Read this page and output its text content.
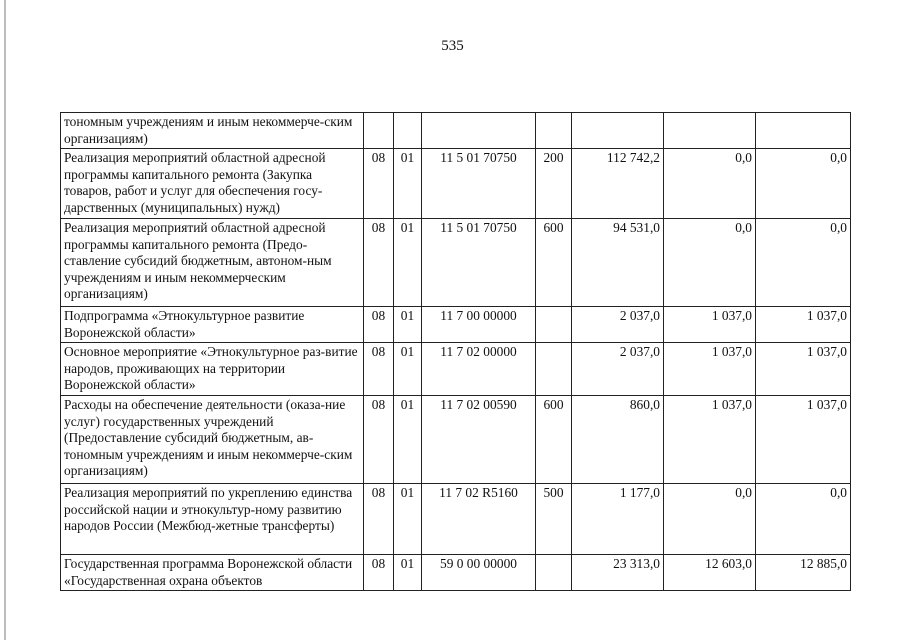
535
тономным учреждениям и иным некоммерче-ским организациям)							
Реализация мероприятий областной адресной программы капитального ремонта (Закупка товаров, работ и услуг для обеспечения госу-дарственных (муниципальных) нужд)	08	01	11 5 01 70750	200	112 742,2	0,0	0,0
Реализация мероприятий областной адресной программы капитального ремонта (Предо-ставление субсидий бюджетным, автоном-ным учреждениям и иным некоммерческим организациям)	08	01	11 5 01 70750	600	94 531,0	0,0	0,0
Подпрограмма «Этнокультурное развитие Воронежской области»	08	01	11 7 00 00000		2 037,0	1 037,0	1 037,0
Основное мероприятие «Этнокультурное раз-витие народов, проживающих на территории Воронежской области»	08	01	11 7 02 00000		2 037,0	1 037,0	1 037,0
Расходы на обеспечение деятельности (оказа-ние услуг) государственных учреждений (Предоставление субсидий бюджетным, ав-тономным учреждениям и иным некоммерче-ским организациям)	08	01	11 7 02 00590	600	860,0	1 037,0	1 037,0
Реализация мероприятий по укреплению единства российской нации и этнокультур-ному развитию народов России (Межбюд-жетные трансферты)	08	01	11 7 02 R5160	500	1 177,0	0,0	0,0
Государственная программа Воронежской области «Государственная охрана объектов	08	01	59 0 00 00000		23 313,0	12 603,0	12 885,0
